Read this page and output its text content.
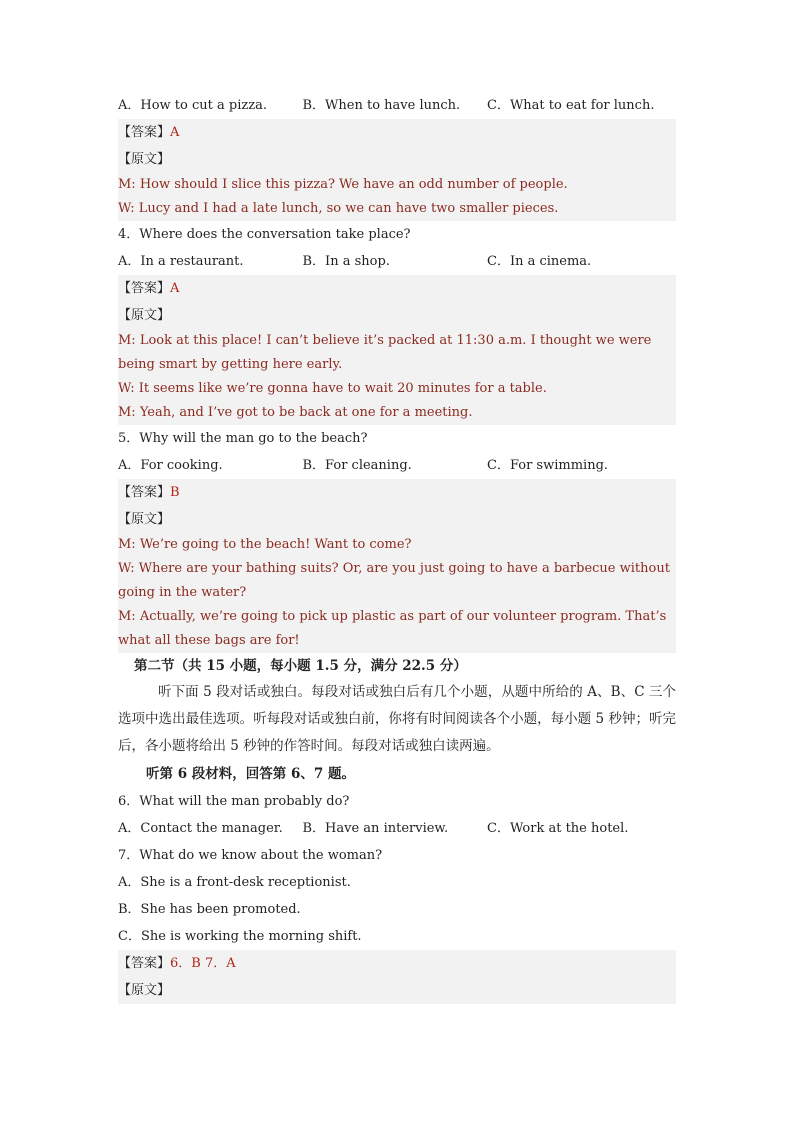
A．How to cut a pizza.	B．When to have lunch.	C．What to eat for lunch.
【答案】A
【原文】
M: How should I slice this pizza? We have an odd number of people.
W: Lucy and I had a late lunch, so we can have two smaller pieces.
4．Where does the conversation take place?
A．In a restaurant.	B．In a shop.	C．In a cinema.
【答案】A
【原文】
M: Look at this place! I can’t believe it’s packed at 11:30 a.m. I thought we were being smart by getting here early.
W: It seems like we’re gonna have to wait 20 minutes for a table.
M: Yeah, and I’ve got to be back at one for a meeting.
5．Why will the man go to the beach?
A．For cooking.	B．For cleaning.	C．For swimming.
【答案】B
【原文】
M: We’re going to the beach! Want to come?
W: Where are your bathing suits? Or, are you just going to have a barbecue without going in the water?
M: Actually, we’re going to pick up plastic as part of our volunteer program. That’s what all these bags are for!
第二节（共 15 小题，每小题 1.5 分，满分 22.5 分）
听下面 5 段对话或独白。每段对话或独白后有几个小题，从题中所给的 A、B、C 三个选项中选出最佳选项。听每段对话或独白前，你将有时间阅读各个小题，每小题 5 秒钟；听完后，各小题将给出 5 秒钟的作答时间。每段对话或独白读两遍。
听第 6 段材料，回答第 6、7 题。
6．What will the man probably do?
A．Contact the manager.	B．Have an interview.	C．Work at the hotel.
7．What do we know about the woman?
A．She is a front-desk receptionist.
B．She has been promoted.
C．She is working the morning shift.
【答案】6．B 7．A
【原文】
